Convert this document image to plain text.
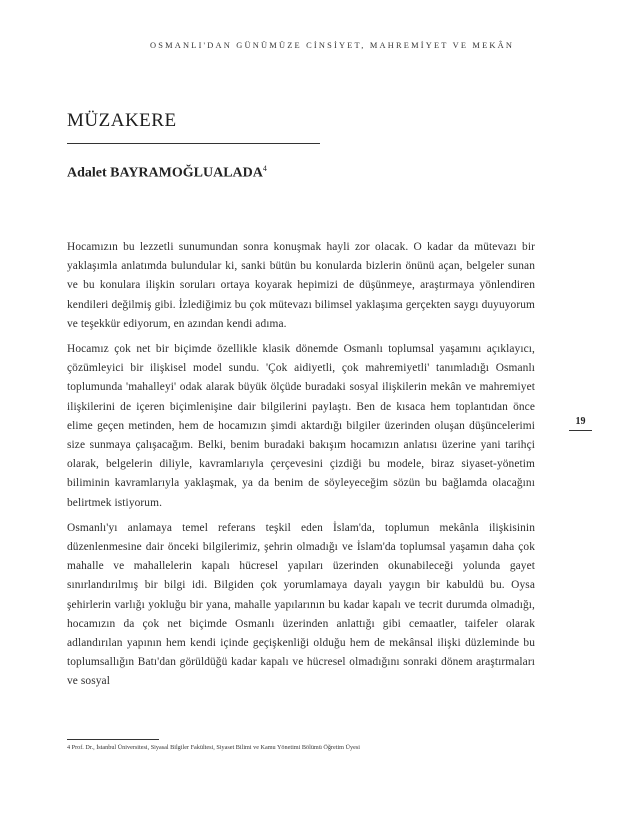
OSMANLI'DAN GÜNÜMÜZE CİNSİYET, MAHREMİYET VE MEKÂN
MÜZAKERE
Adalet BAYRAMOĞLUALADA$^4$

Hocamızın bu lezzetli sunumundan sonra konuşmak hayli zor olacak. O kadar da mütevazı bir yaklaşımla anlatımda bulundular ki, sanki bütün bu konularda bizlerin önünü açan, belgeler sunan ve bu konulara ilişkin soruları ortaya koyarak hepimizi de düşünmeye, araştırmaya yönlendiren kendileri değilmiş gibi. İzlediğimiz bu çok mütevazı bilimsel yaklaşıma gerçekten saygı duyuyorum ve teşekkür ediyorum, en azından kendi adıma.

Hocamız çok net bir biçimde özellikle klasik dönemde Osmanlı toplumsal yaşamını açıklayıcı, çözümleyici bir ilişkisel model sundu. 'Çok aidiyetli, çok mahremiyetli' tanımladığı Osmanlı toplumunda 'mahalleyi' odak alarak büyük ölçüde buradaki sosyal ilişkilerin mekân ve mahremiyet ilişkilerini de içeren biçimlenişine dair bilgilerini paylaştı. Ben de kısaca hem toplantıdan önce elime geçen metinden, hem de hocamızın şimdi aktardığı bilgiler üzerinden oluşan düşüncelerimi size sunmaya çalışacağım. Belki, benim buradaki bakışım hocamızın anlatısı üzerine yani tarihçi olarak, belgelerin diliyle, kavramlarıyla çerçevesini çizdiği bu modele, biraz siyaset-yönetim biliminin kavramlarıyla yaklaşmak, ya da benim de söyleyeceğim sözün bu bağlamda olacağını belirtmek istiyorum.

Osmanlı'yı anlamaya temel referans teşkil eden İslam'da, toplumun mekânla ilişkisinin düzenlenmesine dair önceki bilgilerimiz, şehrin olmadığı ve İslam'da toplumsal yaşamın daha çok mahalle ve mahallelerin kapalı hücresel yapıları üzerinden okunabileceği yolunda gayet sınırlandırılmış bir bilgi idi. Bilgiden çok yorumlamaya dayalı yaygın bir kabuldü bu. Oysa şehirlerin varlığı yokluğu bir yana, mahalle yapılarının bu kadar kapalı ve tecrit durumda olmadığı, hocamızın da çok net biçimde Osmanlı üzerinden anlattığı gibi cemaatler, taifeler olarak adlandırılan yapının hem kendi içinde geçişkenliği olduğu hem de mekânsal ilişki düzleminde bu toplumsallığın Batı'dan görüldüğü kadar kapalı ve hücresel olmadığını sonraki dönem araştırmaları ve sosyal

19
4 Prof. Dr., İstanbul Üniversitesi, Siyasal Bilgiler Fakültesi, Siyaset Bilimi ve Kamu Yönetimi Bölümü Öğretim Üyesi
